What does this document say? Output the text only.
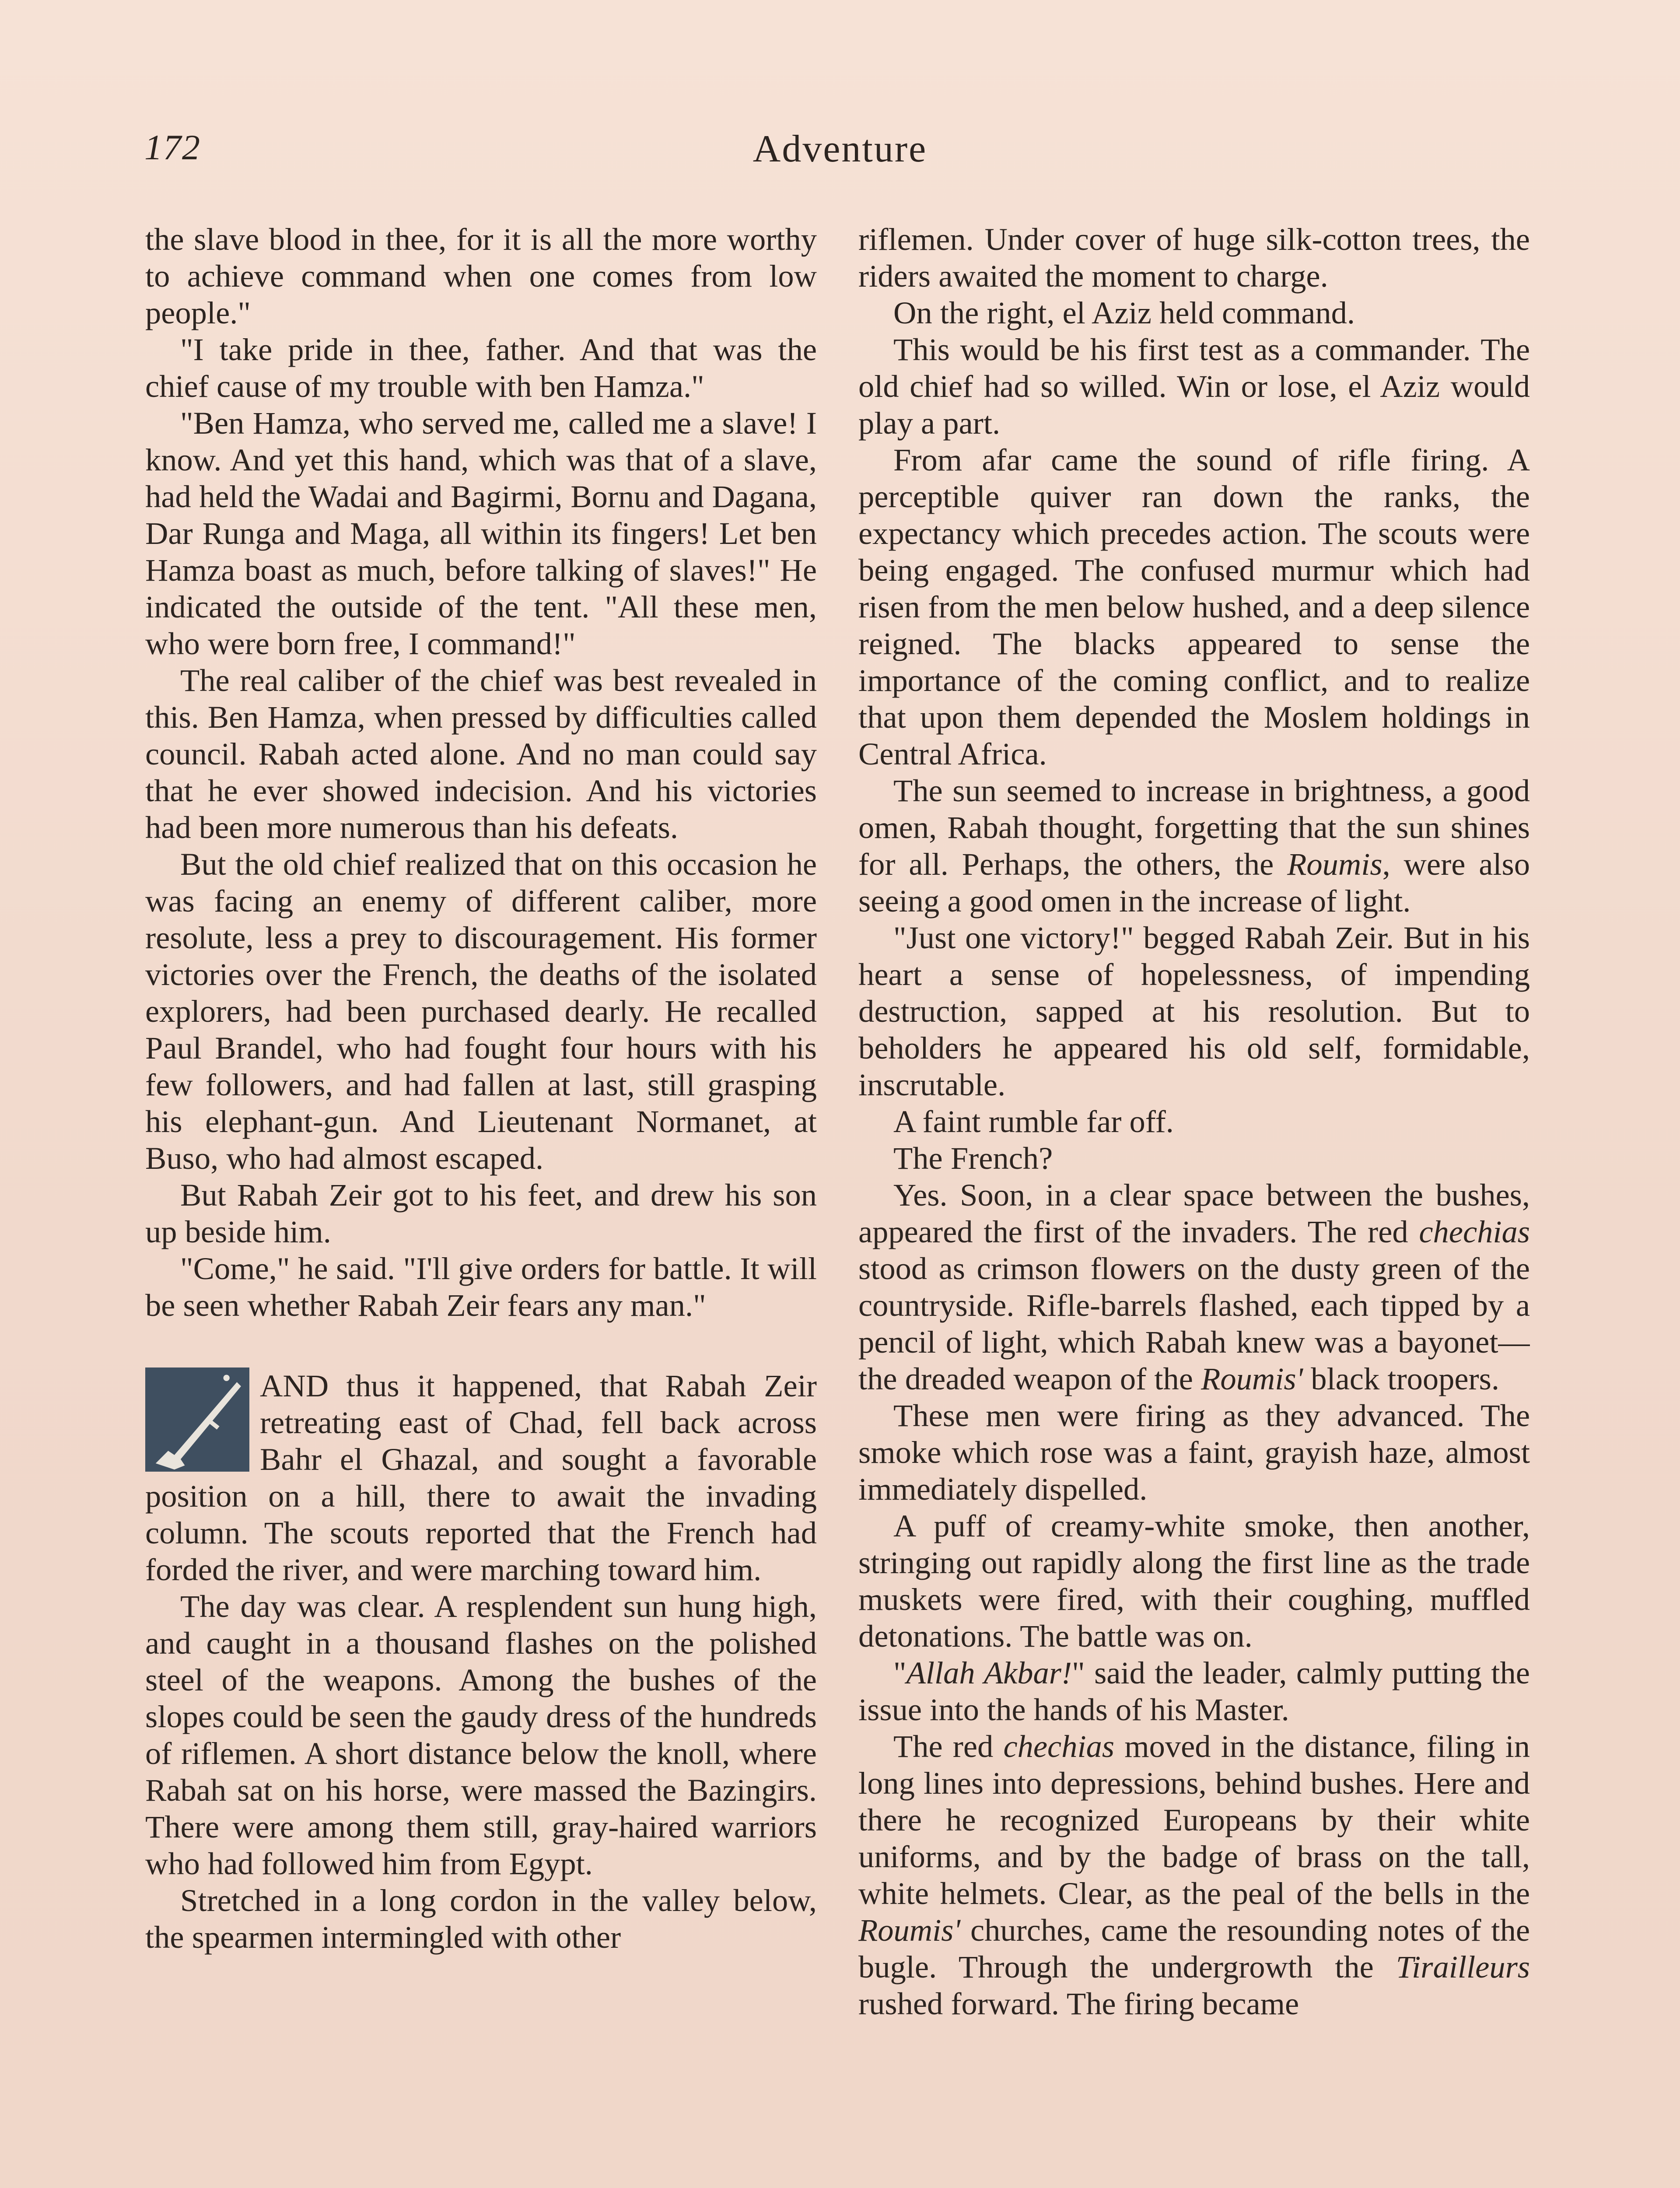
172	Adventure

the slave blood in thee, for it is all the more worthy to achieve command when one comes from low people."

"I take pride in thee, father. And that was the chief cause of my trouble with ben Hamza."

"Ben Hamza, who served me, called me a slave! I know. And yet this hand, which was that of a slave, had held the Wadai and Bagirmi, Bornu and Dagana, Dar Runga and Maga, all within its fingers! Let ben Hamza boast as much, before talking of slaves!" He indicated the outside of the tent. "All these men, who were born free, I command!"

The real caliber of the chief was best revealed in this. Ben Hamza, when pressed by difficulties called council. Rabah acted alone. And no man could say that he ever showed indecision. And his victories had been more numerous than his defeats.

But the old chief realized that on this occasion he was facing an enemy of different caliber, more resolute, less a prey to discouragement. His former victories over the French, the deaths of the isolated explorers, had been purchased dearly. He recalled Paul Brandel, who had fought four hours with his few followers, and had fallen at last, still grasping his elephant-gun. And Lieutenant Normanet, at Buso, who had almost escaped.

But Rabah Zeir got to his feet, and drew his son up beside him.

"Come," he said. "I'll give orders for battle. It will be seen whether Rabah Zeir fears any man."

AND thus it happened, that Rabah Zeir retreating east of Chad, fell back across Bahr el Ghazal, and sought a favorable position on a hill, there to await the invading column. The scouts reported that the French had forded the river, and were marching toward him.

The day was clear. A resplendent sun hung high, and caught in a thousand flashes on the polished steel of the weapons. Among the bushes of the slopes could be seen the gaudy dress of the hundreds of riflemen. A short distance below the knoll, where Rabah sat on his horse, were massed the Bazingirs. There were among them still, gray-haired warriors who had followed him from Egypt.

Stretched in a long cordon in the valley below, the spearmen intermingled with other

riflemen. Under cover of huge silk-cotton trees, the riders awaited the moment to charge.

On the right, el Aziz held command.

This would be his first test as a commander. The old chief had so willed. Win or lose, el Aziz would play a part.

From afar came the sound of rifle firing. A perceptible quiver ran down the ranks, the expectancy which precedes action. The scouts were being engaged. The confused murmur which had risen from the men below hushed, and a deep silence reigned. The blacks appeared to sense the importance of the coming conflict, and to realize that upon them depended the Moslem holdings in Central Africa.

The sun seemed to increase in brightness, a good omen, Rabah thought, forgetting that the sun shines for all. Perhaps, the others, the Roumis, were also seeing a good omen in the increase of light.

"Just one victory!" begged Rabah Zeir. But in his heart a sense of hopelessness, of impending destruction, sapped at his resolution. But to beholders he appeared his old self, formidable, inscrutable.

A faint rumble far off.

The French?

Yes. Soon, in a clear space between the bushes, appeared the first of the invaders. The red chechias stood as crimson flowers on the dusty green of the countryside. Rifle-barrels flashed, each tipped by a pencil of light, which Rabah knew was a bayonet—the dreaded weapon of the Roumis' black troopers.

These men were firing as they advanced. The smoke which rose was a faint, grayish haze, almost immediately dispelled.

A puff of creamy-white smoke, then another, stringing out rapidly along the first line as the trade muskets were fired, with their coughing, muffled detonations. The battle was on.

"Allah Akbar!" said the leader, calmly putting the issue into the hands of his Master.

The red chechias moved in the distance, filing in long lines into depressions, behind bushes. Here and there he recognized Europeans by their white uniforms, and by the badge of brass on the tall, white helmets. Clear, as the peal of the bells in the Roumis' churches, came the resounding notes of the bugle. Through the undergrowth the Tirailleurs rushed forward. The firing became
